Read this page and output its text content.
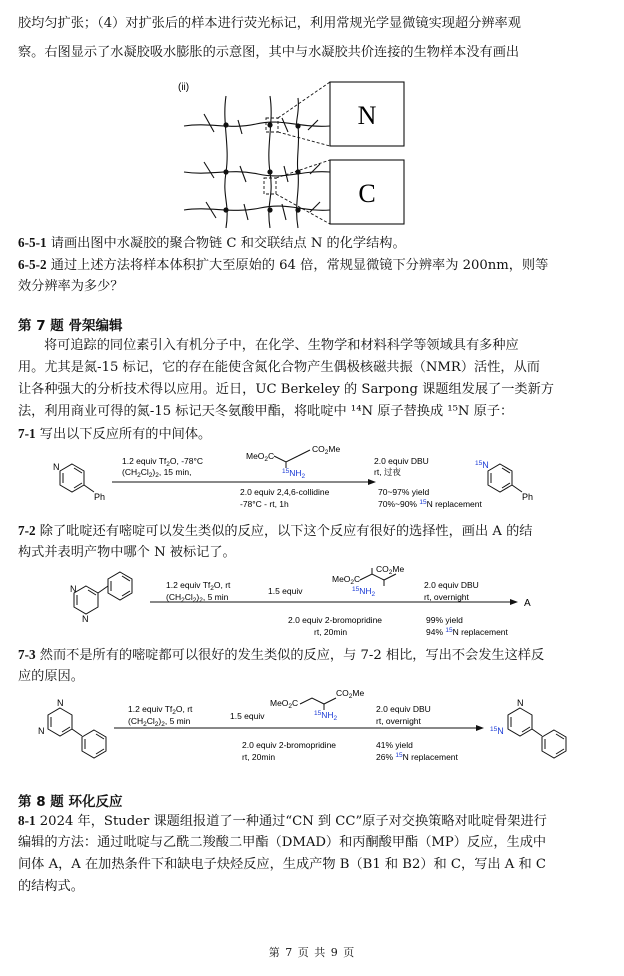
胶均匀扩张；（4）对扩张后的样本进行荧光标记，利用常规光学显微镜实现超分辨率观

察。右图显示了水凝胶吸水膨胀的示意图，其中与水凝胶共价连接的生物样本没有画出

(ii)
N
C

6-5-1 请画出图中水凝胶的聚合物链 C 和交联结点 N 的化学结构。

6-5-2 通过上述方法将样本体积扩大至原始的 64 倍，常规显微镜下分辨率为 200nm，则等

效分辨率为多少？

第 7 题 骨架编辑

将可追踪的同位素引入有机分子中，在化学、生物学和材料科学等领域具有多种应

用。尤其是氮-15 标记，它的存在能使含氮化合物产生偶极核磁共振（NMR）活性，从而

让各种强大的分析技术得以应用。近日，UC Berkeley 的 Sarpong 课题组发展了一类新方

法，利用商业可得的氮-15 标记天冬氨酸甲酯，将吡啶中 ¹⁴N 原子替换成 ¹⁵N 原子：

7-1 写出以下反应所有的中间体。

N
Ph
1.2 equiv $Tf_2O$, -78°C
$(CH_2Cl_2)_2$, 15 min,
MeO$_2$C
$CO_2Me$
$^{15}NH_2$
2.0 equiv 2,4,6-collidine
-78°C - rt, 1h
2.0 equiv DBU
rt, 过夜
70~97% yield
70%~90% $^{15}$N replacement
$^{15}$N
Ph

7-2 除了吡啶还有嘧啶可以发生类似的反应，以下这个反应有很好的选择性，画出 A 的结

构式并表明产物中哪个 N 被标记了。

N
N
1.2 equiv $Tf_2O$, rt
$(CH_2Cl_2)_2$, 5 min
1.5 equiv
MeO$_2$C
$CO_2Me$
$^{15}NH_2$
2.0 equiv 2-bromopridine
rt, 20min
2.0 equiv DBU
rt, overnight
99% yield
94% $^{15}$N replacement
A

7-3 然而不是所有的嘧啶都可以很好的发生类似的反应，与 7-2 相比，写出不会发生这样反

应的原因。

N
N
1.2 equiv $Tf_2O$, rt
$(CH_2Cl_2)_2$, 5 min	1.5 equiv
MeO$_2$C
$CO_2Me$
$^{15}NH_2$
2.0 equiv 2-bromopridine
rt, 20min
2.0 equiv DBU
rt, overnight
41% yield
26% $^{15}$N replacement
N
$^{15}$N

第 8 题 环化反应

8-1 2024 年，Studer 课题组报道了一种通过“CN 到 CC”原子对交换策略对吡啶骨架进行

编辑的方法：通过吡啶与乙酰二羧酸二甲酯（DMAD）和丙酮酸甲酯（MP）反应，生成中

间体 A，A 在加热条件下和缺电子炔烃反应，生成产物 B（B1 和 B2）和 C，写出 A 和 C

的结构式。

第 7 页 共 9 页
